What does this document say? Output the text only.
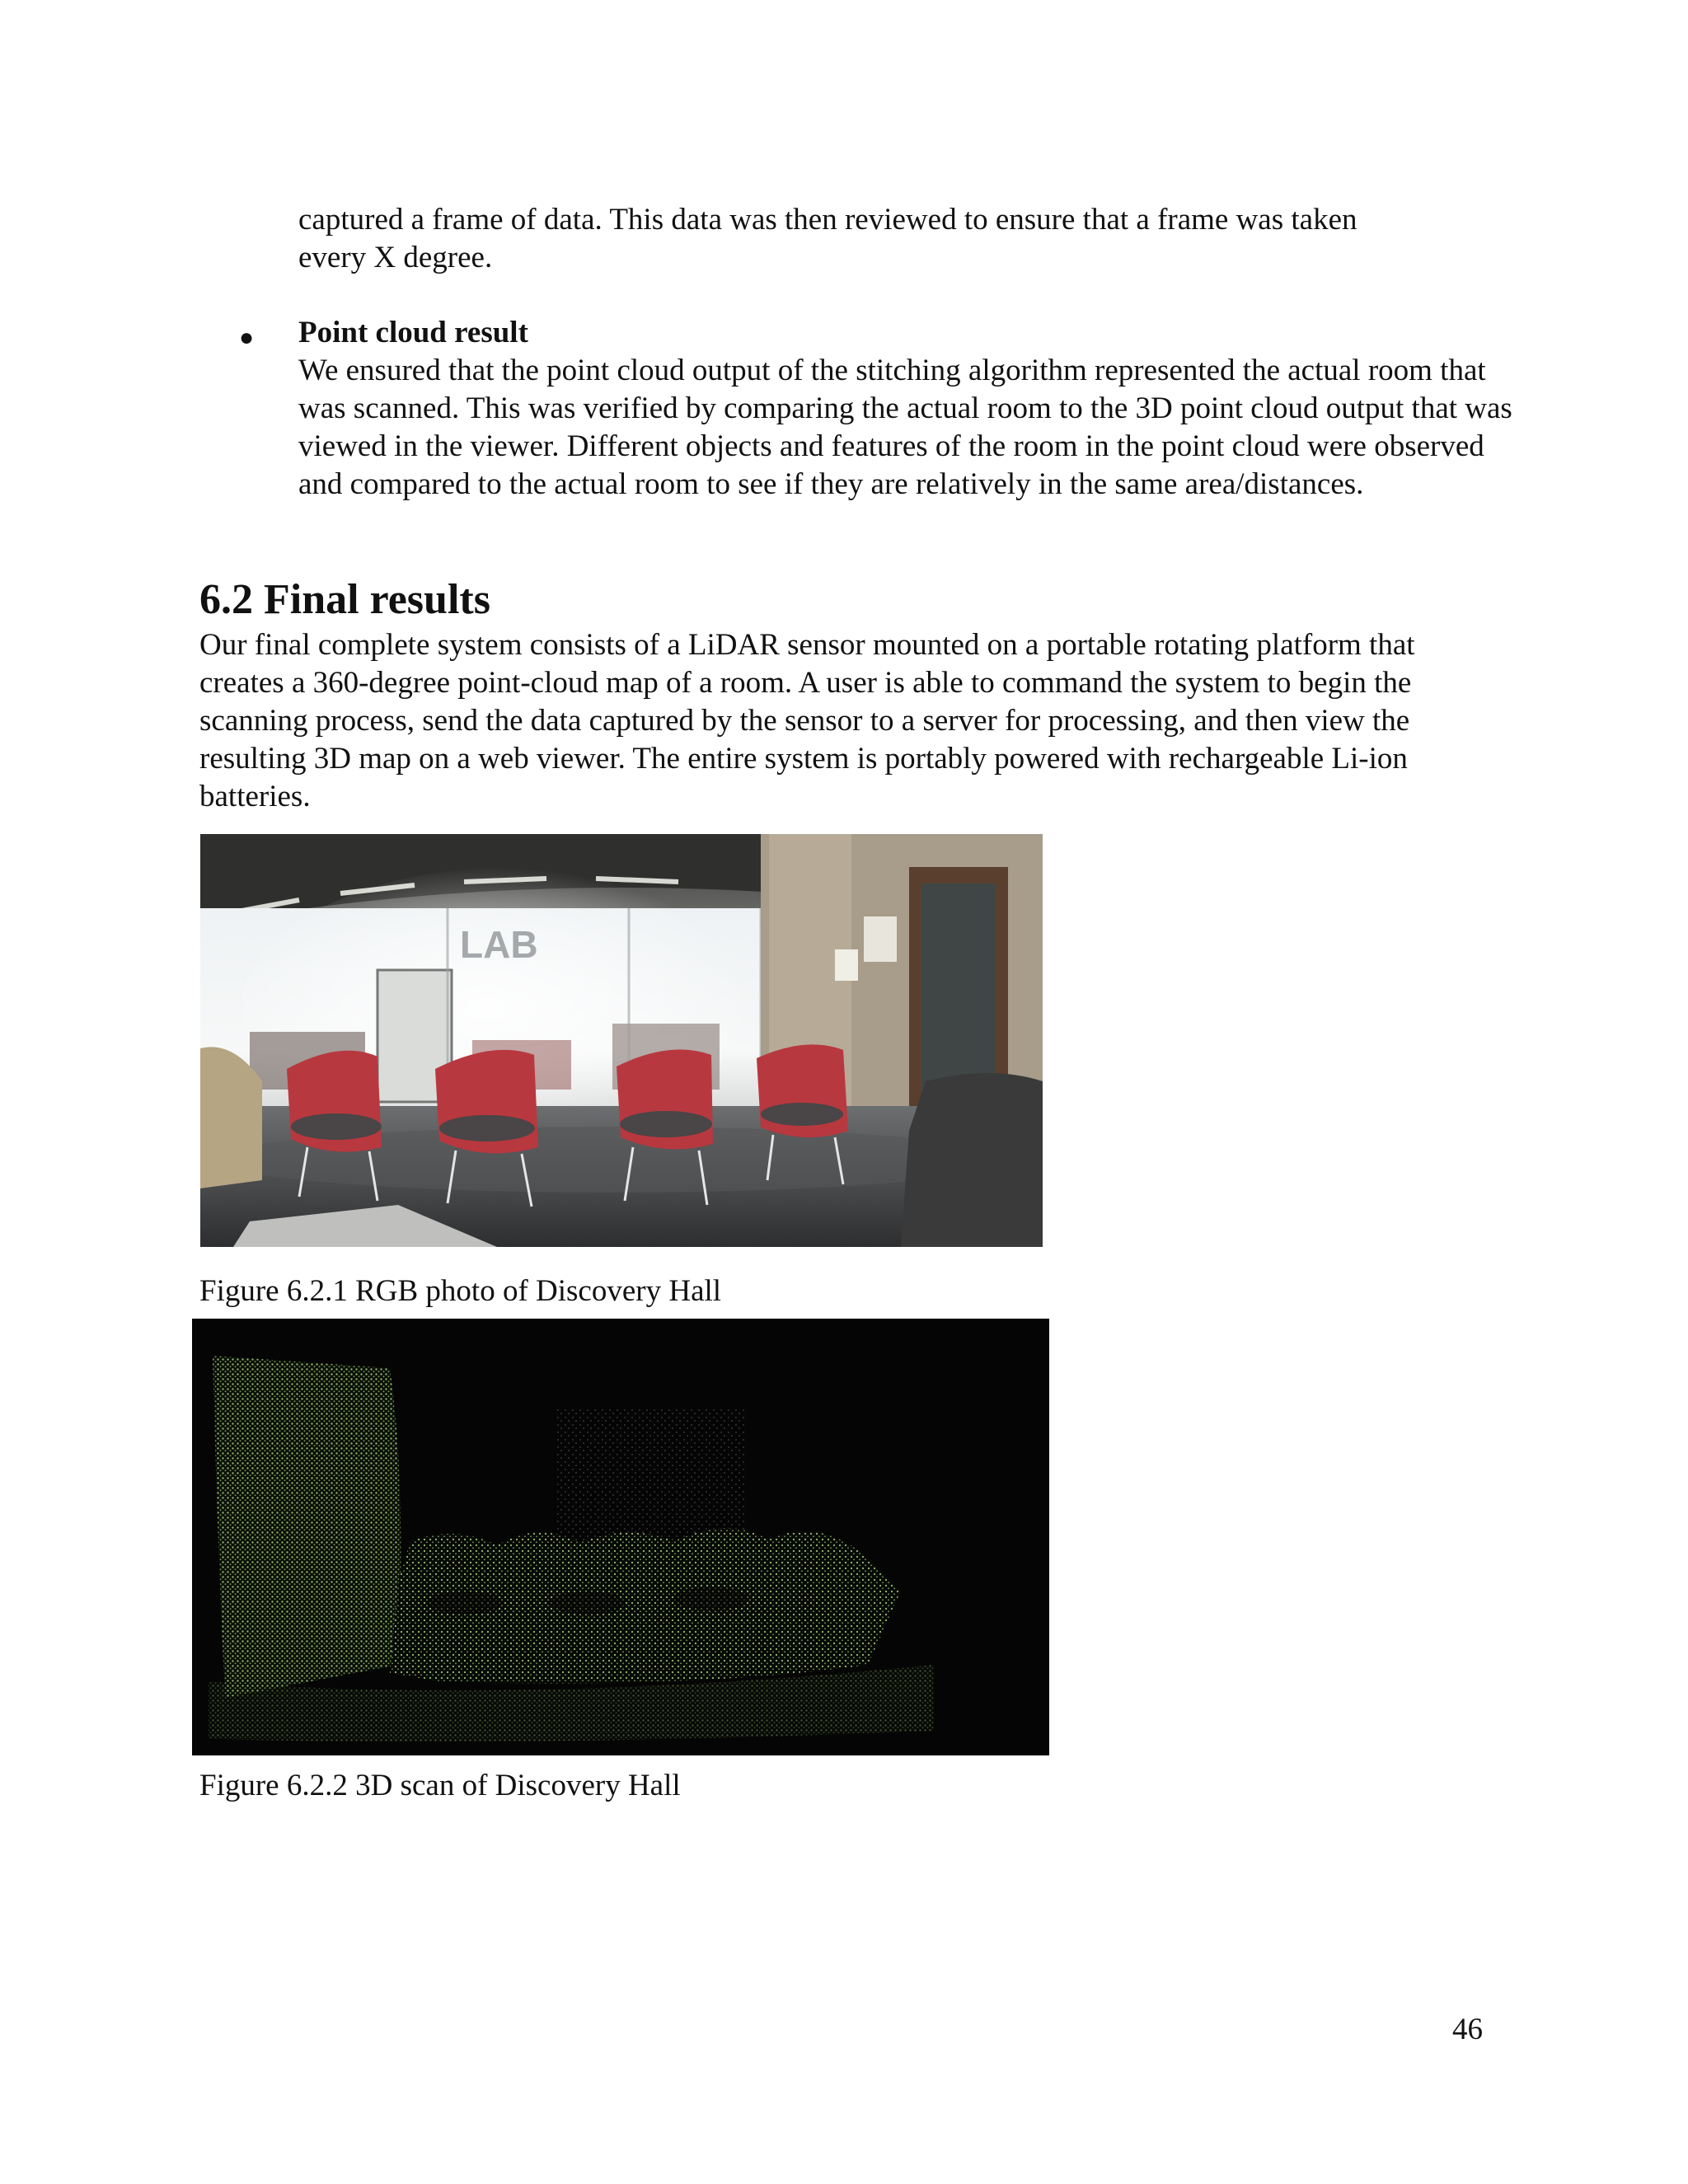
captured a frame of data. This data was then reviewed to ensure that a frame was taken
every X degree.

● Point cloud result
We ensured that the point cloud output of the stitching algorithm represented the actual room that was scanned. This was verified by comparing the actual room to the 3D point cloud output that was viewed in the viewer. Different objects and features of the room in the point cloud were observed and compared to the actual room to see if they are relatively in the same area/distances.
6.2 Final results

Our final complete system consists of a LiDAR sensor mounted on a portable rotating platform that creates a 360-degree point-cloud map of a room. A user is able to command the system to begin the scanning process, send the data captured by the sensor to a server for processing, and then view the resulting 3D map on a web viewer. The entire system is portably powered with rechargeable Li-ion batteries.

LAB

Figure 6.2.1 RGB photo of Discovery Hall

Figure 6.2.2 3D scan of Discovery Hall

46
